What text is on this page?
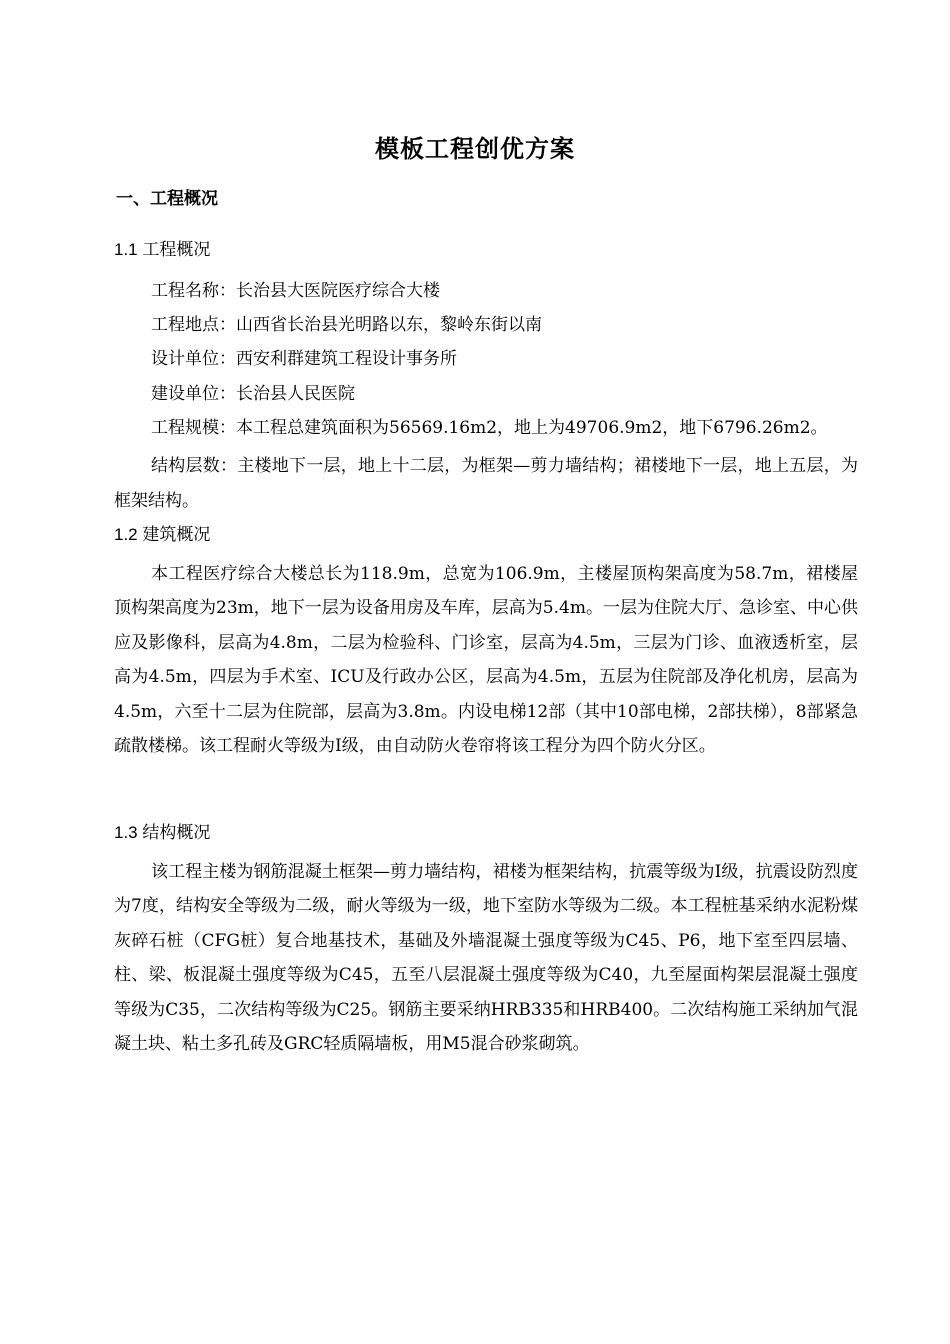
模板工程创优方案
一、工程概况
1.1 工程概况
工程名称：长治县大医院医疗综合大楼
工程地点：山西省长治县光明路以东，黎岭东街以南
设计单位：西安利群建筑工程设计事务所
建设单位：长治县人民医院
工程规模：本工程总建筑面积为56569.16m2，地上为49706.9m2，地下6796.26m2。

结构层数：主楼地下一层，地上十二层，为框架—剪力墙结构；裙楼地下一层，地上五层，为框架结构。

1.2 建筑概况

本工程医疗综合大楼总长为118.9m，总宽为106.9m，主楼屋顶构架高度为58.7m，裙楼屋顶构架高度为23m，地下一层为设备用房及车库，层高为5.4m。一层为住院大厅、急诊室、中心供应及影像科，层高为4.8m，二层为检验科、门诊室，层高为4.5m，三层为门诊、血液透析室，层高为4.5m，四层为手术室、ICU及行政办公区，层高为4.5m，五层为住院部及净化机房，层高为4.5m，六至十二层为住院部，层高为3.8m。内设电梯12部（其中10部电梯，2部扶梯），8部紧急疏散楼梯。该工程耐火等级为Ⅰ级，由自动防火卷帘将该工程分为四个防火分区。

1.3 结构概况

该工程主楼为钢筋混凝土框架—剪力墙结构，裙楼为框架结构，抗震等级为Ⅰ级，抗震设防烈度为7度，结构安全等级为二级，耐火等级为一级，地下室防水等级为二级。本工程桩基采纳水泥粉煤灰碎石桩（CFG桩）复合地基技术，基础及外墙混凝土强度等级为C45、P6，地下室至四层墙、柱、梁、板混凝土强度等级为C45，五至八层混凝土强度等级为C40，九至屋面构架层混凝土强度等级为C35，二次结构等级为C25。钢筋主要采纳HRB335和HRB400。二次结构施工采纳加气混凝土块、粘土多孔砖及GRC轻质隔墙板，用M5混合砂浆砌筑。
